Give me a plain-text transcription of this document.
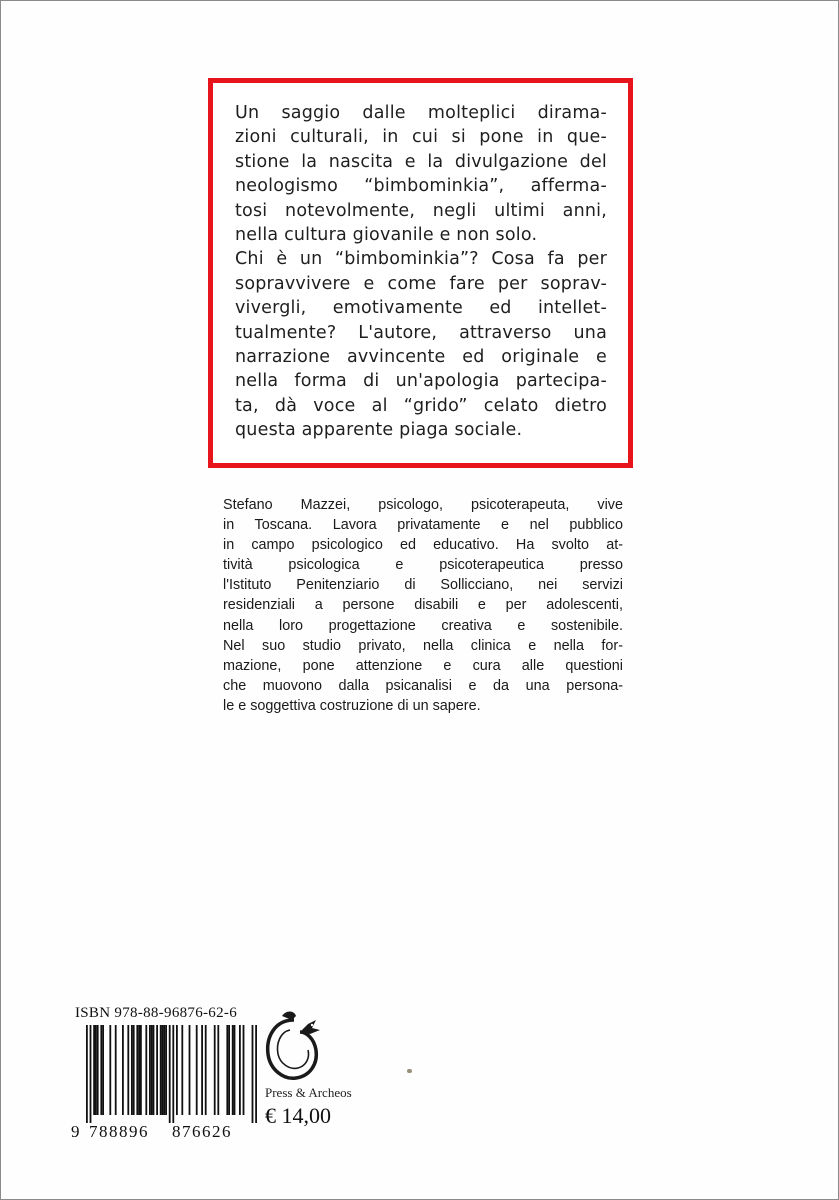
Un saggio dalle molteplici dirama-

zioni culturali, in cui si pone in que-

stione la nascita e la divulgazione del

neologismo “bimbominkia”, afferma-

tosi notevolmente, negli ultimi anni,

nella cultura giovanile e non solo.

Chi è un “bimbominkia”? Cosa fa per

sopravvivere e come fare per soprav-

vivergli, emotivamente ed intellet-

tualmente? L'autore, attraverso una

narrazione avvincente ed originale e

nella forma di un'apologia partecipa-

ta, dà voce al “grido” celato dietro

questa apparente piaga sociale.

Stefano Mazzei, psicologo, psicoterapeuta, vive

in Toscana. Lavora privatamente e nel pubblico

in campo psicologico ed educativo. Ha svolto at-

tività psicologica e psicoterapeutica presso

l'Istituto Penitenziario di Sollicciano, nei servizi

residenziali a persone disabili e per adolescenti,

nella loro progettazione creativa e sostenibile.

Nel suo studio privato, nella clinica e nella for-

mazione, pone attenzione e cura alle questioni

che muovono dalla psicanalisi e da una persona-

le e soggettiva costruzione di un sapere.

ISBN 978-88-96876-62-6
9 788896 876626
Press & Archeos
€ 14,00
